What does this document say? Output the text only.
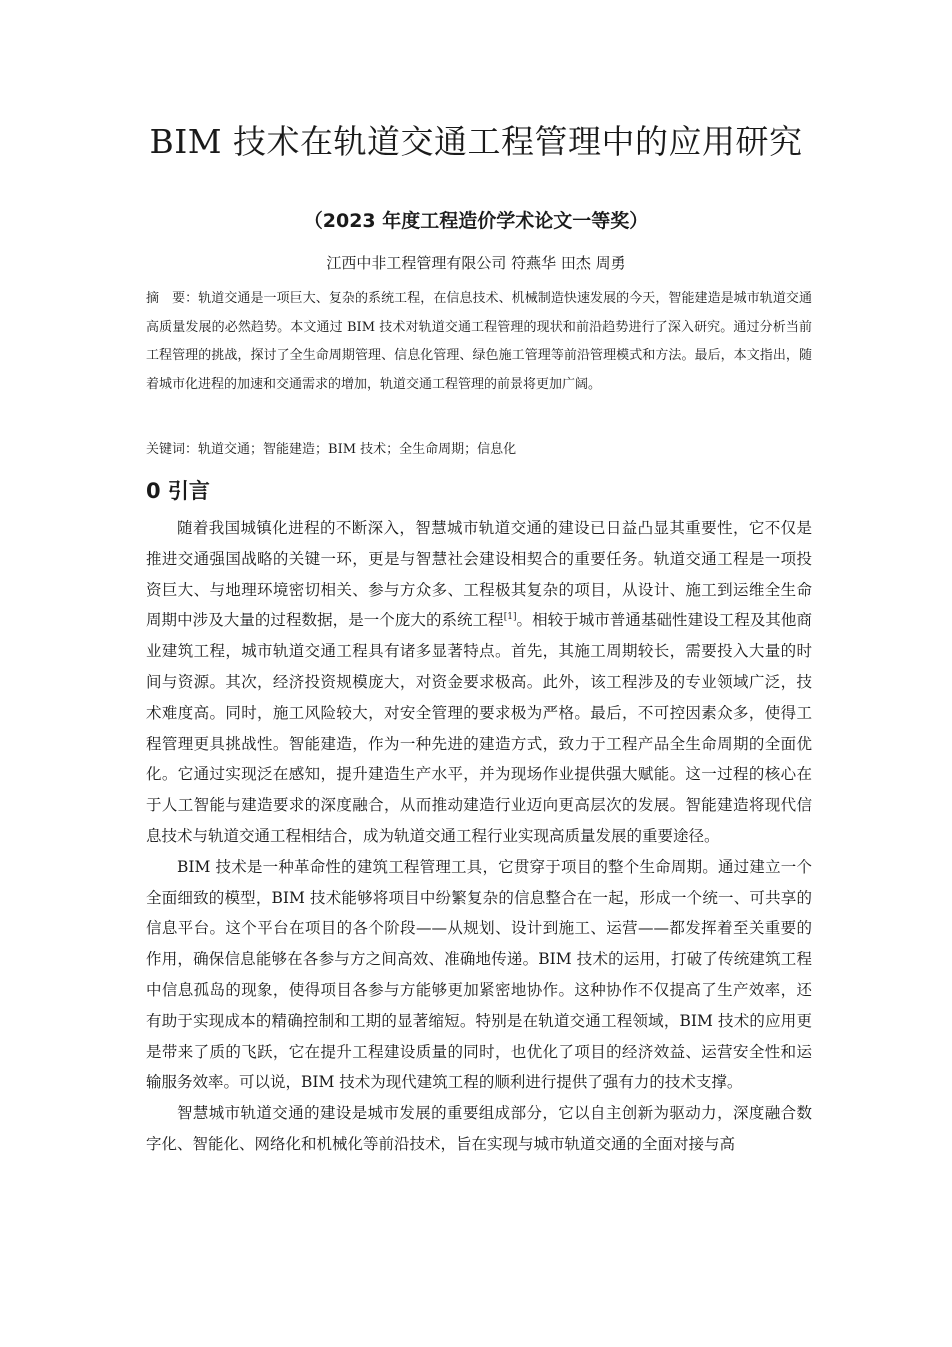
BIM 技术在轨道交通工程管理中的应用研究
（2023 年度工程造价学术论文一等奖）
江西中非工程管理有限公司 符燕华 田杰 周勇
摘　要：轨道交通是一项巨大、复杂的系统工程，在信息技术、机械制造快速发展的今天，智能建造是城市轨道交通高质量发展的必然趋势。本文通过 BIM 技术对轨道交通工程管理的现状和前沿趋势进行了深入研究。通过分析当前工程管理的挑战，探讨了全生命周期管理、信息化管理、绿色施工管理等前沿管理模式和方法。最后，本文指出，随着城市化进程的加速和交通需求的增加，轨道交通工程管理的前景将更加广阔。
关键词：轨道交通；智能建造；BIM 技术；全生命周期；信息化
0 引言

随着我国城镇化进程的不断深入，智慧城市轨道交通的建设已日益凸显其重要性，它不仅是推进交通强国战略的关键一环，更是与智慧社会建设相契合的重要任务。轨道交通工程是一项投资巨大、与地理环境密切相关、参与方众多、工程极其复杂的项目，从设计、施工到运维全生命周期中涉及大量的过程数据，是一个庞大的系统工程[1]。相较于城市普通基础性建设工程及其他商业建筑工程，城市轨道交通工程具有诸多显著特点。首先，其施工周期较长，需要投入大量的时间与资源。其次，经济投资规模庞大，对资金要求极高。此外，该工程涉及的专业领域广泛，技术难度高。同时，施工风险较大，对安全管理的要求极为严格。最后，不可控因素众多，使得工程管理更具挑战性。智能建造，作为一种先进的建造方式，致力于工程产品全生命周期的全面优化。它通过实现泛在感知，提升建造生产水平，并为现场作业提供强大赋能。这一过程的核心在于人工智能与建造要求的深度融合，从而推动建造行业迈向更高层次的发展。智能建造将现代信息技术与轨道交通工程相结合，成为轨道交通工程行业实现高质量发展的重要途径。

BIM 技术是一种革命性的建筑工程管理工具，它贯穿于项目的整个生命周期。通过建立一个全面细致的模型，BIM 技术能够将项目中纷繁复杂的信息整合在一起，形成一个统一、可共享的信息平台。这个平台在项目的各个阶段——从规划、设计到施工、运营——都发挥着至关重要的作用，确保信息能够在各参与方之间高效、准确地传递。BIM 技术的运用，打破了传统建筑工程中信息孤岛的现象，使得项目各参与方能够更加紧密地协作。这种协作不仅提高了生产效率，还有助于实现成本的精确控制和工期的显著缩短。特别是在轨道交通工程领域，BIM 技术的应用更是带来了质的飞跃，它在提升工程建设质量的同时，也优化了项目的经济效益、运营安全性和运输服务效率。可以说，BIM 技术为现代建筑工程的顺利进行提供了强有力的技术支撑。

智慧城市轨道交通的建设是城市发展的重要组成部分，它以自主创新为驱动力，深度融合数字化、智能化、网络化和机械化等前沿技术，旨在实现与城市轨道交通的全面对接与高
